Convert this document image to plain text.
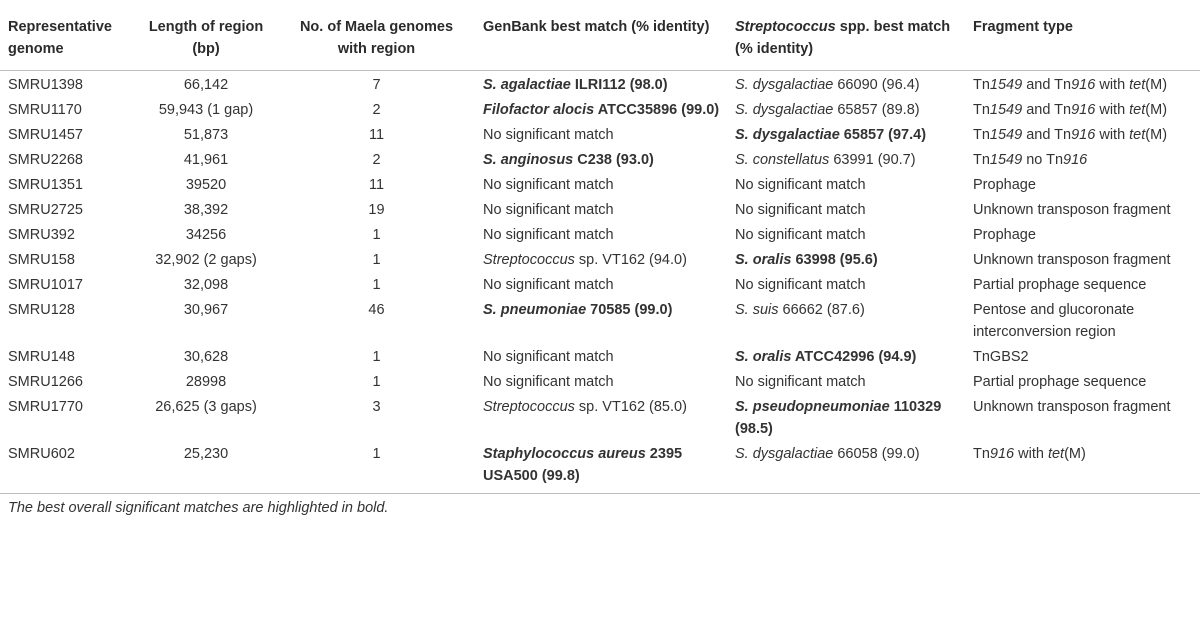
Representative genome	Length of region (bp)	No. of Maela genomes with region	GenBank best match (% identity)	Streptococcus spp. best match (% identity)	Fragment type
SMRU1398	66,142	7	S. agalactiae ILRI112 (98.0)	S. dysgalactiae 66090 (96.4)	Tn1549 and Tn916 with tet(M)
SMRU1170	59,943 (1 gap)	2	Filofactor alocis ATCC35896 (99.0)	S. dysgalactiae 65857 (89.8)	Tn1549 and Tn916 with tet(M)
SMRU1457	51,873	11	No significant match	S. dysgalactiae 65857 (97.4)	Tn1549 and Tn916 with tet(M)
SMRU2268	41,961	2	S. anginosus C238 (93.0)	S. constellatus 63991 (90.7)	Tn1549 no Tn916
SMRU1351	39520	11	No significant match	No significant match	Prophage
SMRU2725	38,392	19	No significant match	No significant match	Unknown transposon fragment
SMRU392	34256	1	No significant match	No significant match	Prophage
SMRU158	32,902 (2 gaps)	1	Streptococcus sp. VT162 (94.0)	S. oralis 63998 (95.6)	Unknown transposon fragment
SMRU1017	32,098	1	No significant match	No significant match	Partial prophage sequence
SMRU128	30,967	46	S. pneumoniae 70585 (99.0)	S. suis 66662 (87.6)	Pentose and glucoronate interconversion region
SMRU148	30,628	1	No significant match	S. oralis ATCC42996 (94.9)	TnGBS2
SMRU1266	28998	1	No significant match	No significant match	Partial prophage sequence
SMRU1770	26,625 (3 gaps)	3	Streptococcus sp. VT162 (85.0)	S. pseudopneumoniae 110329 (98.5)	Unknown transposon fragment
SMRU602	25,230	1	Staphylococcus aureus 2395 USA500 (99.8)	S. dysgalactiae 66058 (99.0)	Tn916 with tet(M)
The best overall significant matches are highlighted in bold.
